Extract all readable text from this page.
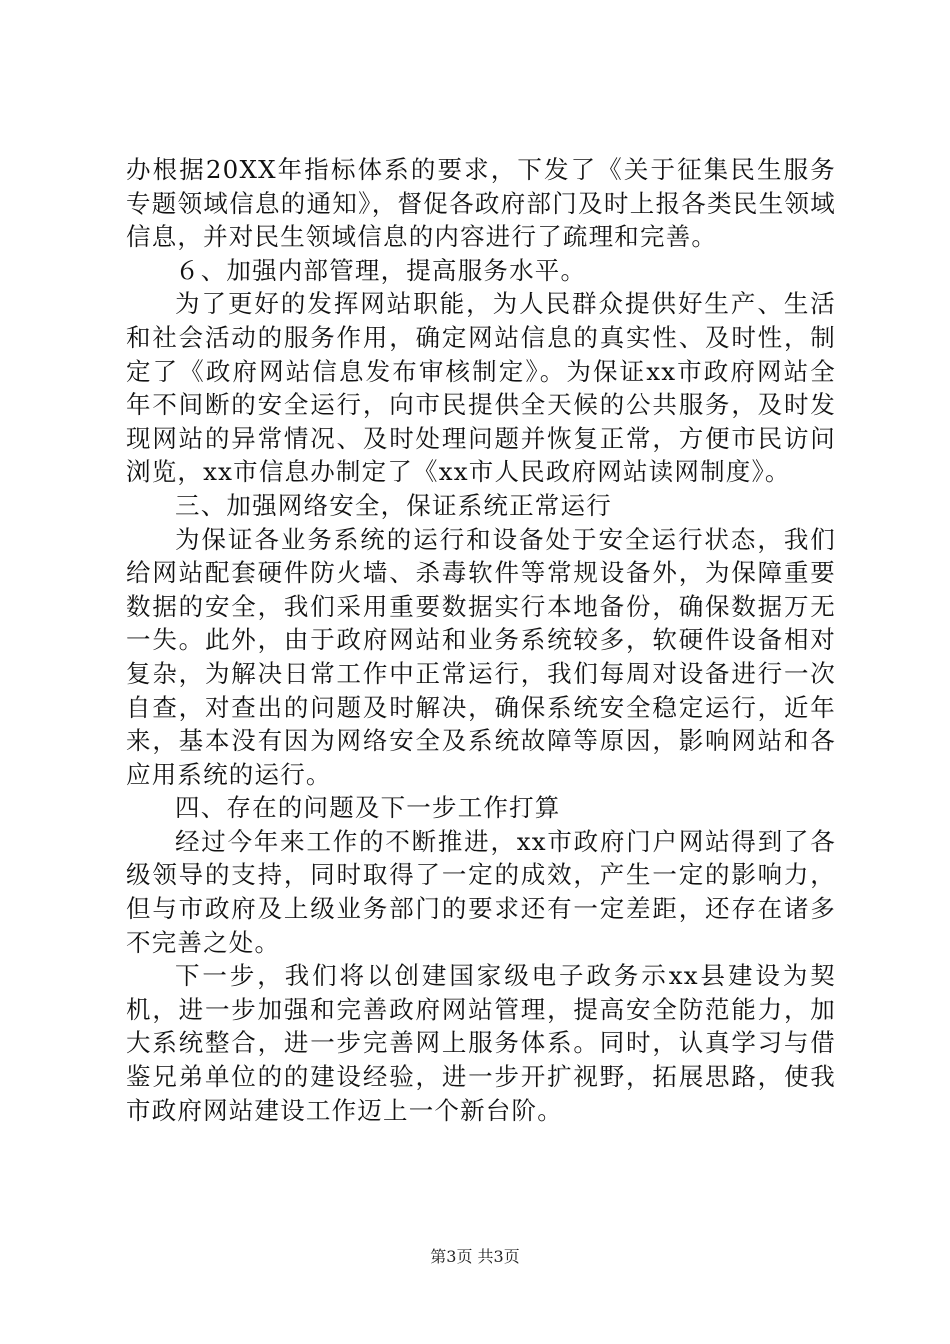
办根据20XX年指标体系的要求，下发了《关于征集民生服务专题领域信息的通知》，督促各政府部门及时上报各类民生领域信息，并对民生领域信息的内容进行了疏理和完善。

６、加强内部管理，提高服务水平。

为了更好的发挥网站职能，为人民群众提供好生产、生活和社会活动的服务作用，确定网站信息的真实性、及时性，制定了《政府网站信息发布审核制定》。为保证xx市政府网站全年不间断的安全运行，向市民提供全天候的公共服务，及时发现网站的异常情况、及时处理问题并恢复正常，方便市民访问浏览，xx市信息办制定了《xx市人民政府网站读网制度》。

三、加强网络安全，保证系统正常运行

为保证各业务系统的运行和设备处于安全运行状态，我们给网站配套硬件防火墙、杀毒软件等常规设备外，为保障重要数据的安全，我们采用重要数据实行本地备份，确保数据万无一失。此外，由于政府网站和业务系统较多，软硬件设备相对复杂，为解决日常工作中正常运行，我们每周对设备进行一次自查，对查出的问题及时解决，确保系统安全稳定运行，近年来，基本没有因为网络安全及系统故障等原因，影响网站和各应用系统的运行。

四、存在的问题及下一步工作打算

经过今年来工作的不断推进，xx市政府门户网站得到了各级领导的支持，同时取得了一定的成效，产生一定的影响力，但与市政府及上级业务部门的要求还有一定差距，还存在诸多不完善之处。

下一步，我们将以创建国家级电子政务示xx县建设为契机，进一步加强和完善政府网站管理，提高安全防范能力，加大系统整合，进一步完善网上服务体系。同时，认真学习与借鉴兄弟单位的的建设经验，进一步开扩视野，拓展思路，使我市政府网站建设工作迈上一个新台阶。

第3页 共3页
